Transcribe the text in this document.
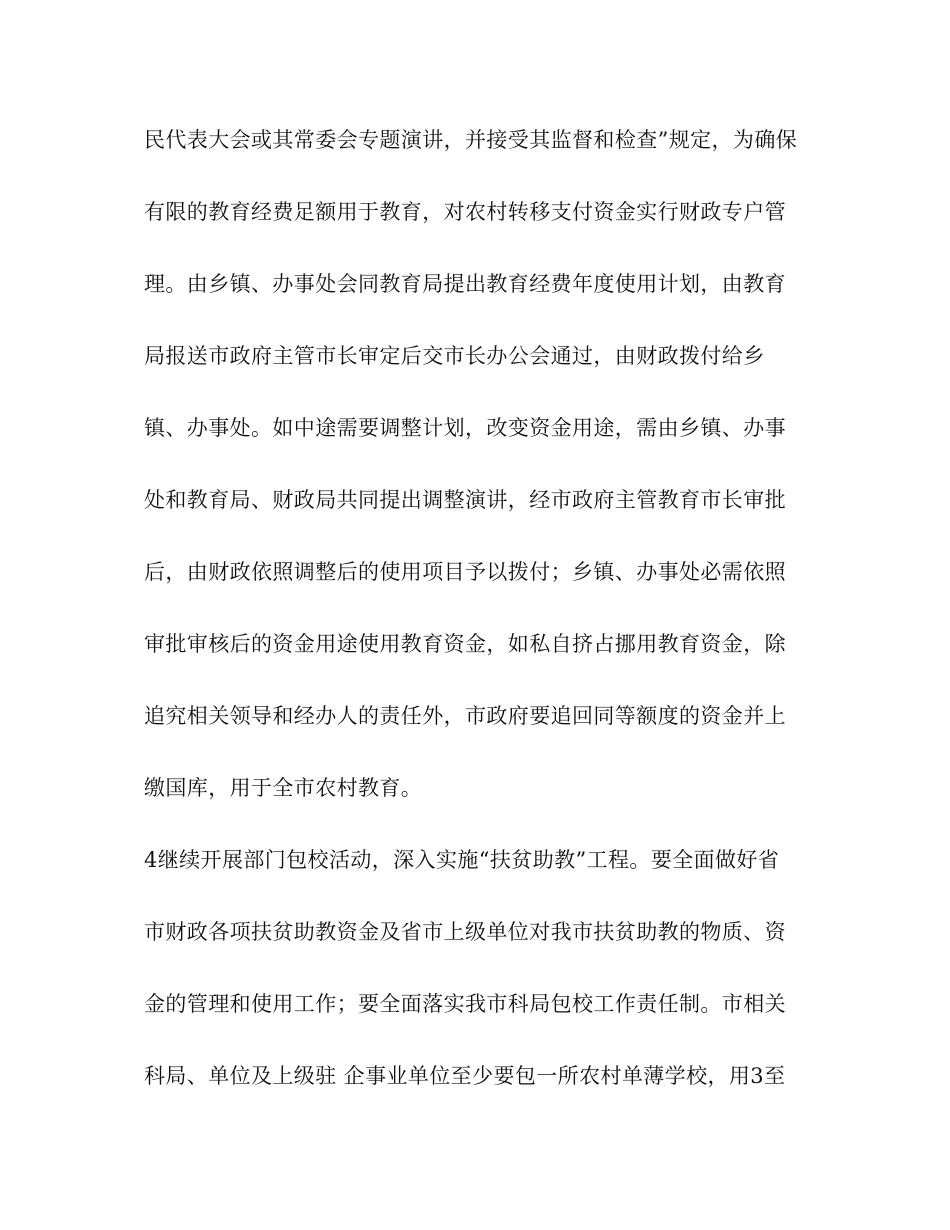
民代表大会或其常委会专题演讲，并接受其监督和检查”规定，为确保
有限的教育经费足额用于教育，对农村转移支付资金实行财政专户管
理。由乡镇、办事处会同教育局提出教育经费年度使用计划，由教育
局报送市政府主管市长审定后交市长办公会通过，由财政拨付给乡
镇、办事处。如中途需要调整计划，改变资金用途，需由乡镇、办事
处和教育局、财政局共同提出调整演讲，经市政府主管教育市长审批
后，由财政依照调整后的使用项目予以拨付；乡镇、办事处必需依照
审批审核后的资金用途使用教育资金，如私自挤占挪用教育资金，除
追究相关领导和经办人的责任外，市政府要追回同等额度的资金并上
缴国库，用于全市农村教育。
4继续开展部门包校活动，深入实施“扶贫助教”工程。要全面做好省
市财政各项扶贫助教资金及省市上级单位对我市扶贫助教的物质、资
金的管理和使用工作；要全面落实我市科局包校工作责任制。市相关
科局、单位及上级驻 企事业单位至少要包一所农村单薄学校，用3至
